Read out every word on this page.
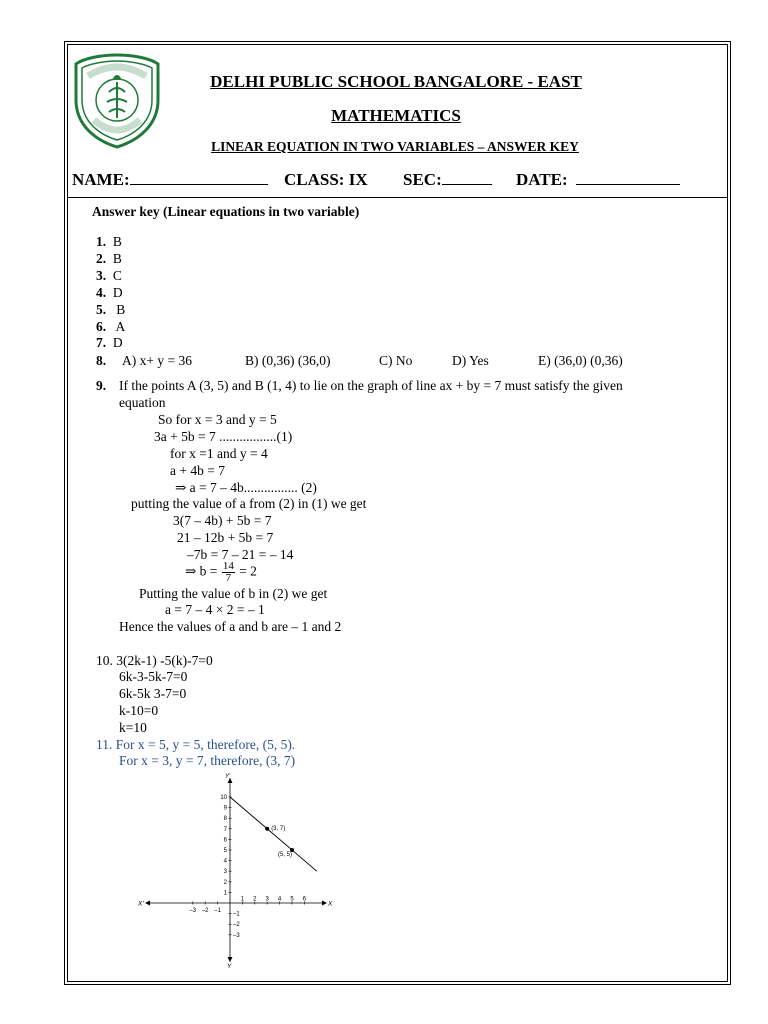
DELHI PUBLIC SCHOOL BANGALORE - EAST
MATHEMATICS
LINEAR EQUATION IN TWO VARIABLES – ANSWER KEY
NAME:	CLASS: IX SEC:	DATE:
Answer key (Linear equations in two variable)
1. B
2. B
3. C
4. D
5. B
6. A
7. D
8. A) x+ y = 36	B) (0,36) (36,0)	C) No	D) Yes	E) (36,0) (0,36)
9. If the points A (3, 5) and B (1, 4) to lie on the graph of line ax + by = 7 must satisfy the given
equation
So for x = 3 and y = 5
3a + 5b = 7 .................(1)
for x =1 and y = 4
a + 4b = 7
⇒ a = 7 – 4b................ (2)
putting the value of a from (2) in (1) we get
3(7 – 4b) + 5b = 7
21 – 12b + 5b = 7
–7b = 7 – 21 = – 14
⇒ $b = \frac{14}{7} = 2$
Putting the value of b in (2) we get
a = 7 – 4 × 2 = – 1
Hence the values of a and b are – 1 and 2
10. 3(2k-1) -5(k)-7=0
6k-3-5k-7=0
6k-5k 3-7=0
k-10=0
k=10
11. For x = 5, y = 5, therefore, (5, 5).
For x = 3, y = 7, therefore, (3, 7)
X
X'
Y
Y'
–3 –2 –1
1 2 3 4 5 6
1
2
3
4
5
6
7
8
9
10
–1
–2
–3
(3, 7)
(5, 5)
